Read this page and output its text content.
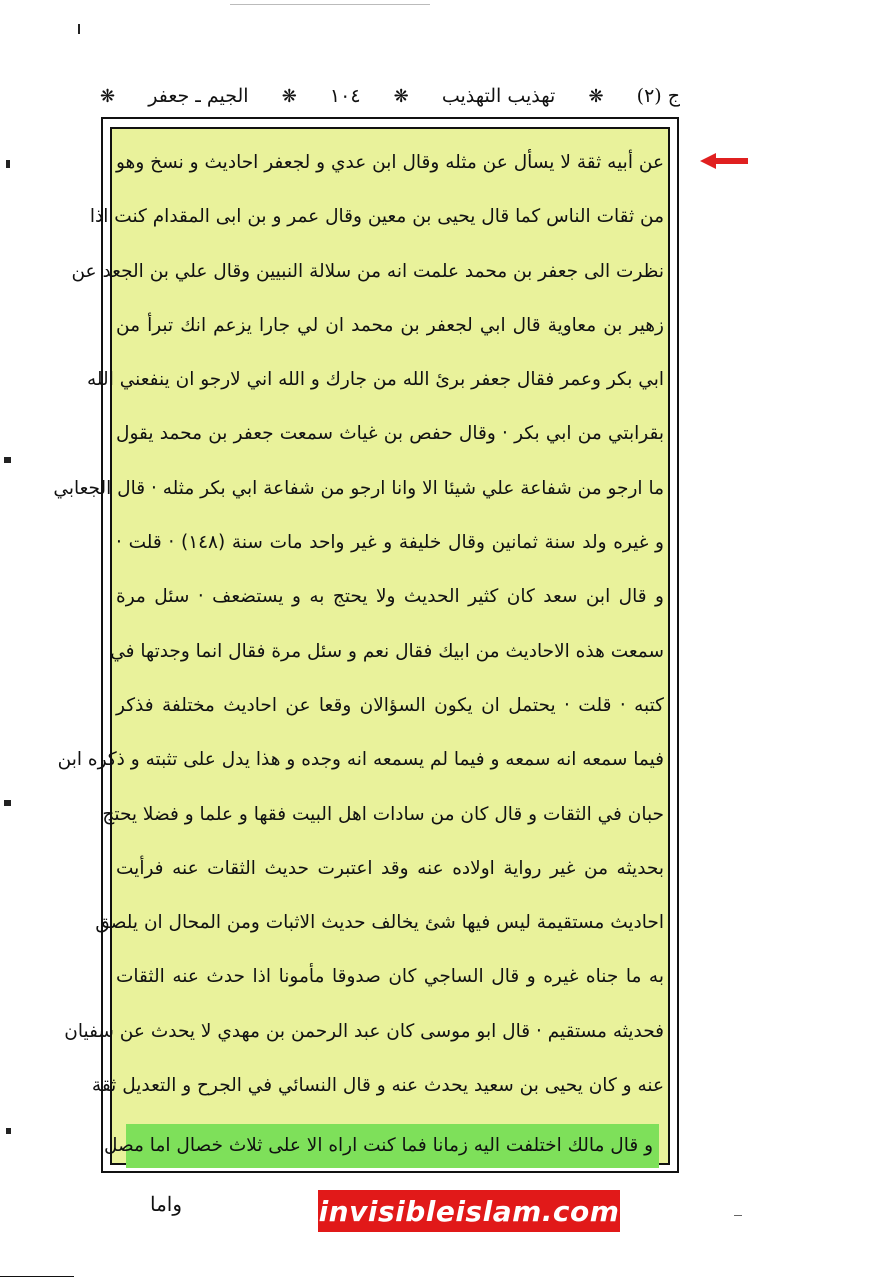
ج (٢)
❋
تهذيب التهذيب
❋
١٠٤
❋
الجيم ـ جعفر
❋
عن أبيه ثقة لا يسأل عن مثله وقال ابن عدي و لجعفر احاديث و نسخ وهو
من ثقات الناس كما قال يحيى بن معين وقال عمر و بن ابى المقدام كنت اذا
نظرت الى جعفر بن محمد علمت انه من سلالة النبيين وقال علي بن الجعد عن
زهير بن معاوية قال ابي لجعفر بن محمد ان لي جارا يزعم انك تبرأ من
ابي بكر وعمر فقال جعفر برئ الله من جارك و الله اني لارجو ان ينفعني الله
بقرابتي من ابي بكر · وقال حفص بن غياث سمعت جعفر بن محمد يقول
ما ارجو من شفاعة علي شيئا الا وانا ارجو من شفاعة ابي بكر مثله · قال الجعابي
و غيره ولد سنة ثمانين وقال خليفة و غير واحد مات سنة (١٤٨) · قلت ·
و قال ابن سعد كان كثير الحديث ولا يحتج به و يستضعف · سئل مرة
سمعت هذه الاحاديث من ابيك فقال نعم و سئل مرة فقال انما وجدتها في
كتبه · قلت · يحتمل ان يكون السؤالان وقعا عن احاديث مختلفة فذكر
فيما سمعه انه سمعه و فيما لم يسمعه انه وجده و هذا يدل على تثبته و ذكره ابن
حبان في الثقات و قال كان من سادات اهل البيت فقها و علما و فضلا يحتج
بحديثه من غير رواية اولاده عنه وقد اعتبرت حديث الثقات عنه فرأيت
احاديث مستقيمة ليس فيها شئ يخالف حديث الاثبات ومن المحال ان يلصق
به ما جناه غيره و قال الساجي كان صدوقا مأمونا اذا حدث عنه الثقات
فحديثه مستقيم · قال ابو موسى كان عبد الرحمن بن مهدي لا يحدث عن سفيان
عنه و كان يحيى بن سعيد يحدث عنه و قال النسائي في الجرح و التعديل ثقة
و قال مالك اختلفت اليه زمانا فما كنت اراه الا على ثلاث خصال اما مصل
واما	invisibleislam.com
